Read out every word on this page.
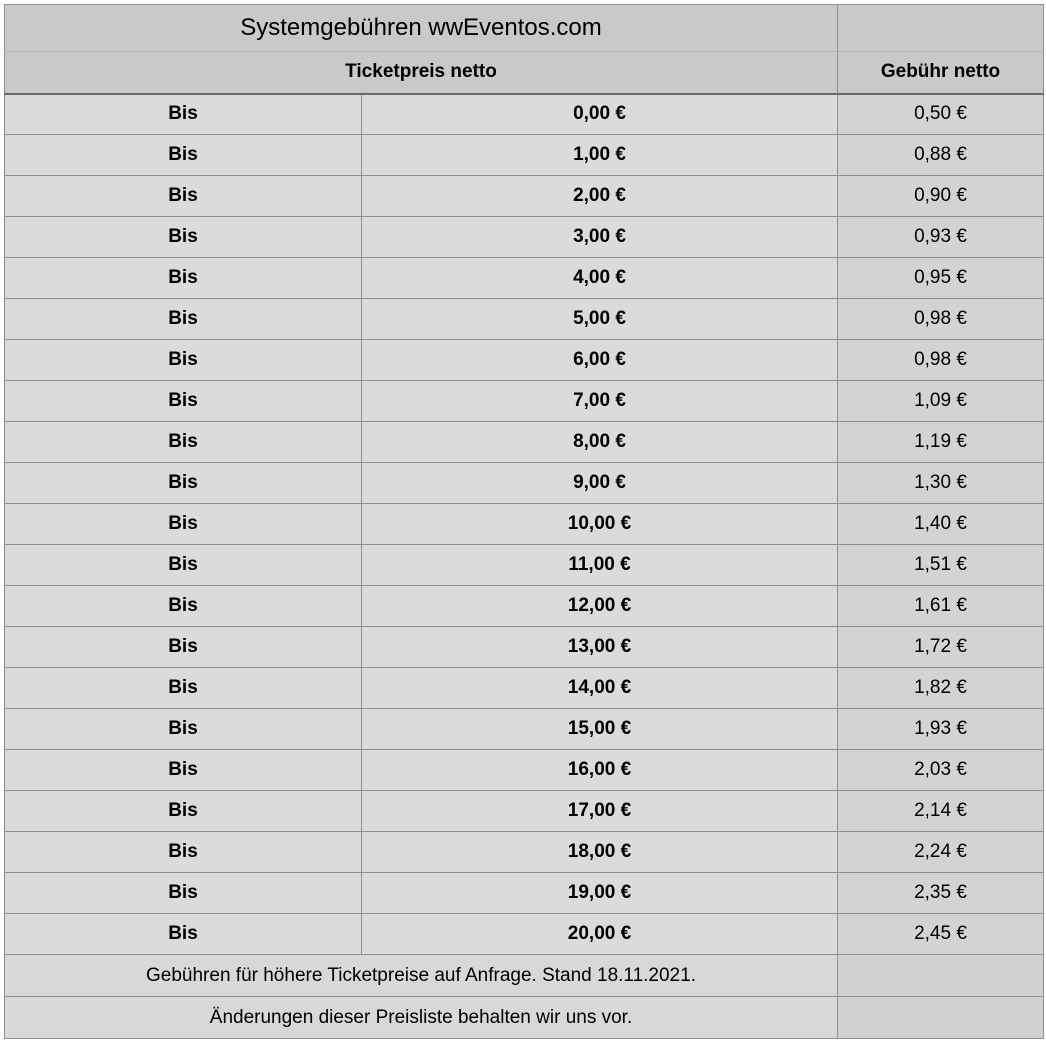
Systemgebühren wwEventos.com		
Ticketpreis netto		Gebühr netto
Bis	0,00 €	0,50 €
Bis	1,00 €	0,88 €
Bis	2,00 €	0,90 €
Bis	3,00 €	0,93 €
Bis	4,00 €	0,95 €
Bis	5,00 €	0,98 €
Bis	6,00 €	0,98 €
Bis	7,00 €	1,09 €
Bis	8,00 €	1,19 €
Bis	9,00 €	1,30 €
Bis	10,00 €	1,40 €
Bis	11,00 €	1,51 €
Bis	12,00 €	1,61 €
Bis	13,00 €	1,72 €
Bis	14,00 €	1,82 €
Bis	15,00 €	1,93 €
Bis	16,00 €	2,03 €
Bis	17,00 €	2,14 €
Bis	18,00 €	2,24 €
Bis	19,00 €	2,35 €
Bis	20,00 €	2,45 €
Gebühren für höhere Ticketpreise auf Anfrage. Stand 18.11.2021.		
Änderungen dieser Preisliste behalten wir uns vor.		
